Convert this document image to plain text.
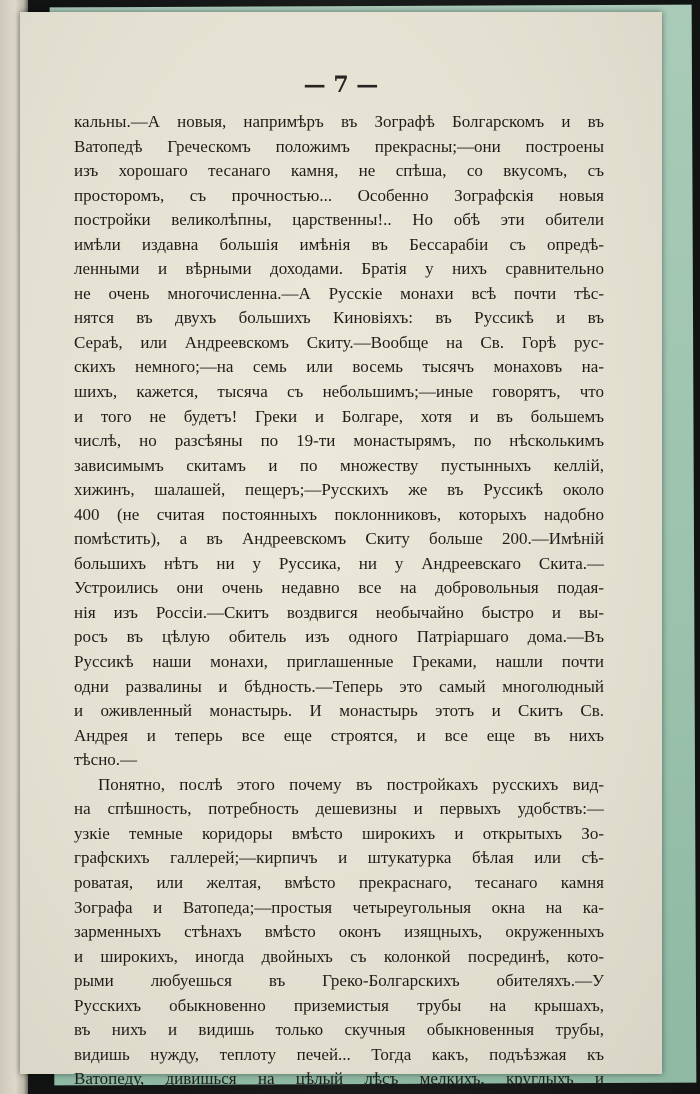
— 7 —
кальны.—А новыя, напримѣръ въ Зографѣ Болгарскомъ и въ
Ватопедѣ Греческомъ положимъ прекрасны;—они построены
изъ хорошаго тесанаго камня, не спѣша, со вкусомъ, съ
просторомъ, съ прочностью... Особенно Зографскія новыя
постройки великолѣпны, царственны!.. Но обѣ эти обители
имѣли издавна большія имѣнія въ Бессарабіи съ опредѣ-
ленными и вѣрными доходами. Братія у нихъ сравнительно
не очень многочисленна.—А Русскіе монахи всѣ почти тѣс-
нятся въ двухъ большихъ Киновіяхъ: въ Руссикѣ и въ
Сераѣ, или Андреевскомъ Скиту.—Вообще на Св. Горѣ рус-
скихъ немного;—на семь или восемь тысячъ монаховъ на-
шихъ, кажется, тысяча съ небольшимъ;—иные говорятъ, что
и того не будетъ! Греки и Болгаре, хотя и въ большемъ
числѣ, но разсѣяны по 19-ти монастырямъ, по нѣсколькимъ
зависимымъ скитамъ и по множеству пустынныхъ келлій,
хижинъ, шалашей, пещеръ;—Русскихъ же въ Руссикѣ около
400 (не считая постоянныхъ поклонниковъ, которыхъ надобно
помѣстить), а въ Андреевскомъ Скиту больше 200.—Имѣній
большихъ нѣтъ ни у Руссика, ни у Андреевскаго Скита.—
Устроились они очень недавно все на добровольныя подая-
нія изъ Россіи.—Скитъ воздвигся необычайно быстро и вы-
росъ въ цѣлую обитель изъ одного Патріаршаго дома.—Въ
Руссикѣ наши монахи, приглашенные Греками, нашли почти
одни развалины и бѣдность.—Теперь это самый многолюдный
и оживленный монастырь. И монастырь этотъ и Скитъ Св.
Андрея и теперь все еще строятся, и все еще въ нихъ
тѣсно.—
Понятно, послѣ этого почему въ постройкахъ русскихъ вид-
на спѣшность, потребность дешевизны и первыхъ удобствъ:—
узкіе темные коридоры вмѣсто широкихъ и открытыхъ Зо-
графскихъ галлерей;—кирпичъ и штукатурка бѣлая или сѣ-
роватая, или желтая, вмѣсто прекраснаго, тесанаго камня
Зографа и Ватопеда;—простыя четыреугольныя окна на ка-
зарменныхъ стѣнахъ вмѣсто оконъ изящныхъ, окруженныхъ
и широкихъ, иногда двойныхъ съ колонкой посрединѣ, кото-
рыми любуешься въ Греко-Болгарскихъ обителяхъ.—У
Русскихъ обыкновенно приземистыя трубы на крышахъ,
въ нихъ и видишь только скучныя обыкновенныя трубы,
видишь нужду, теплоту печей... Тогда какъ, подъѣзжая къ
Ватопеду, дивишься на цѣлый лѣсъ мелкихъ, круглыхъ и
